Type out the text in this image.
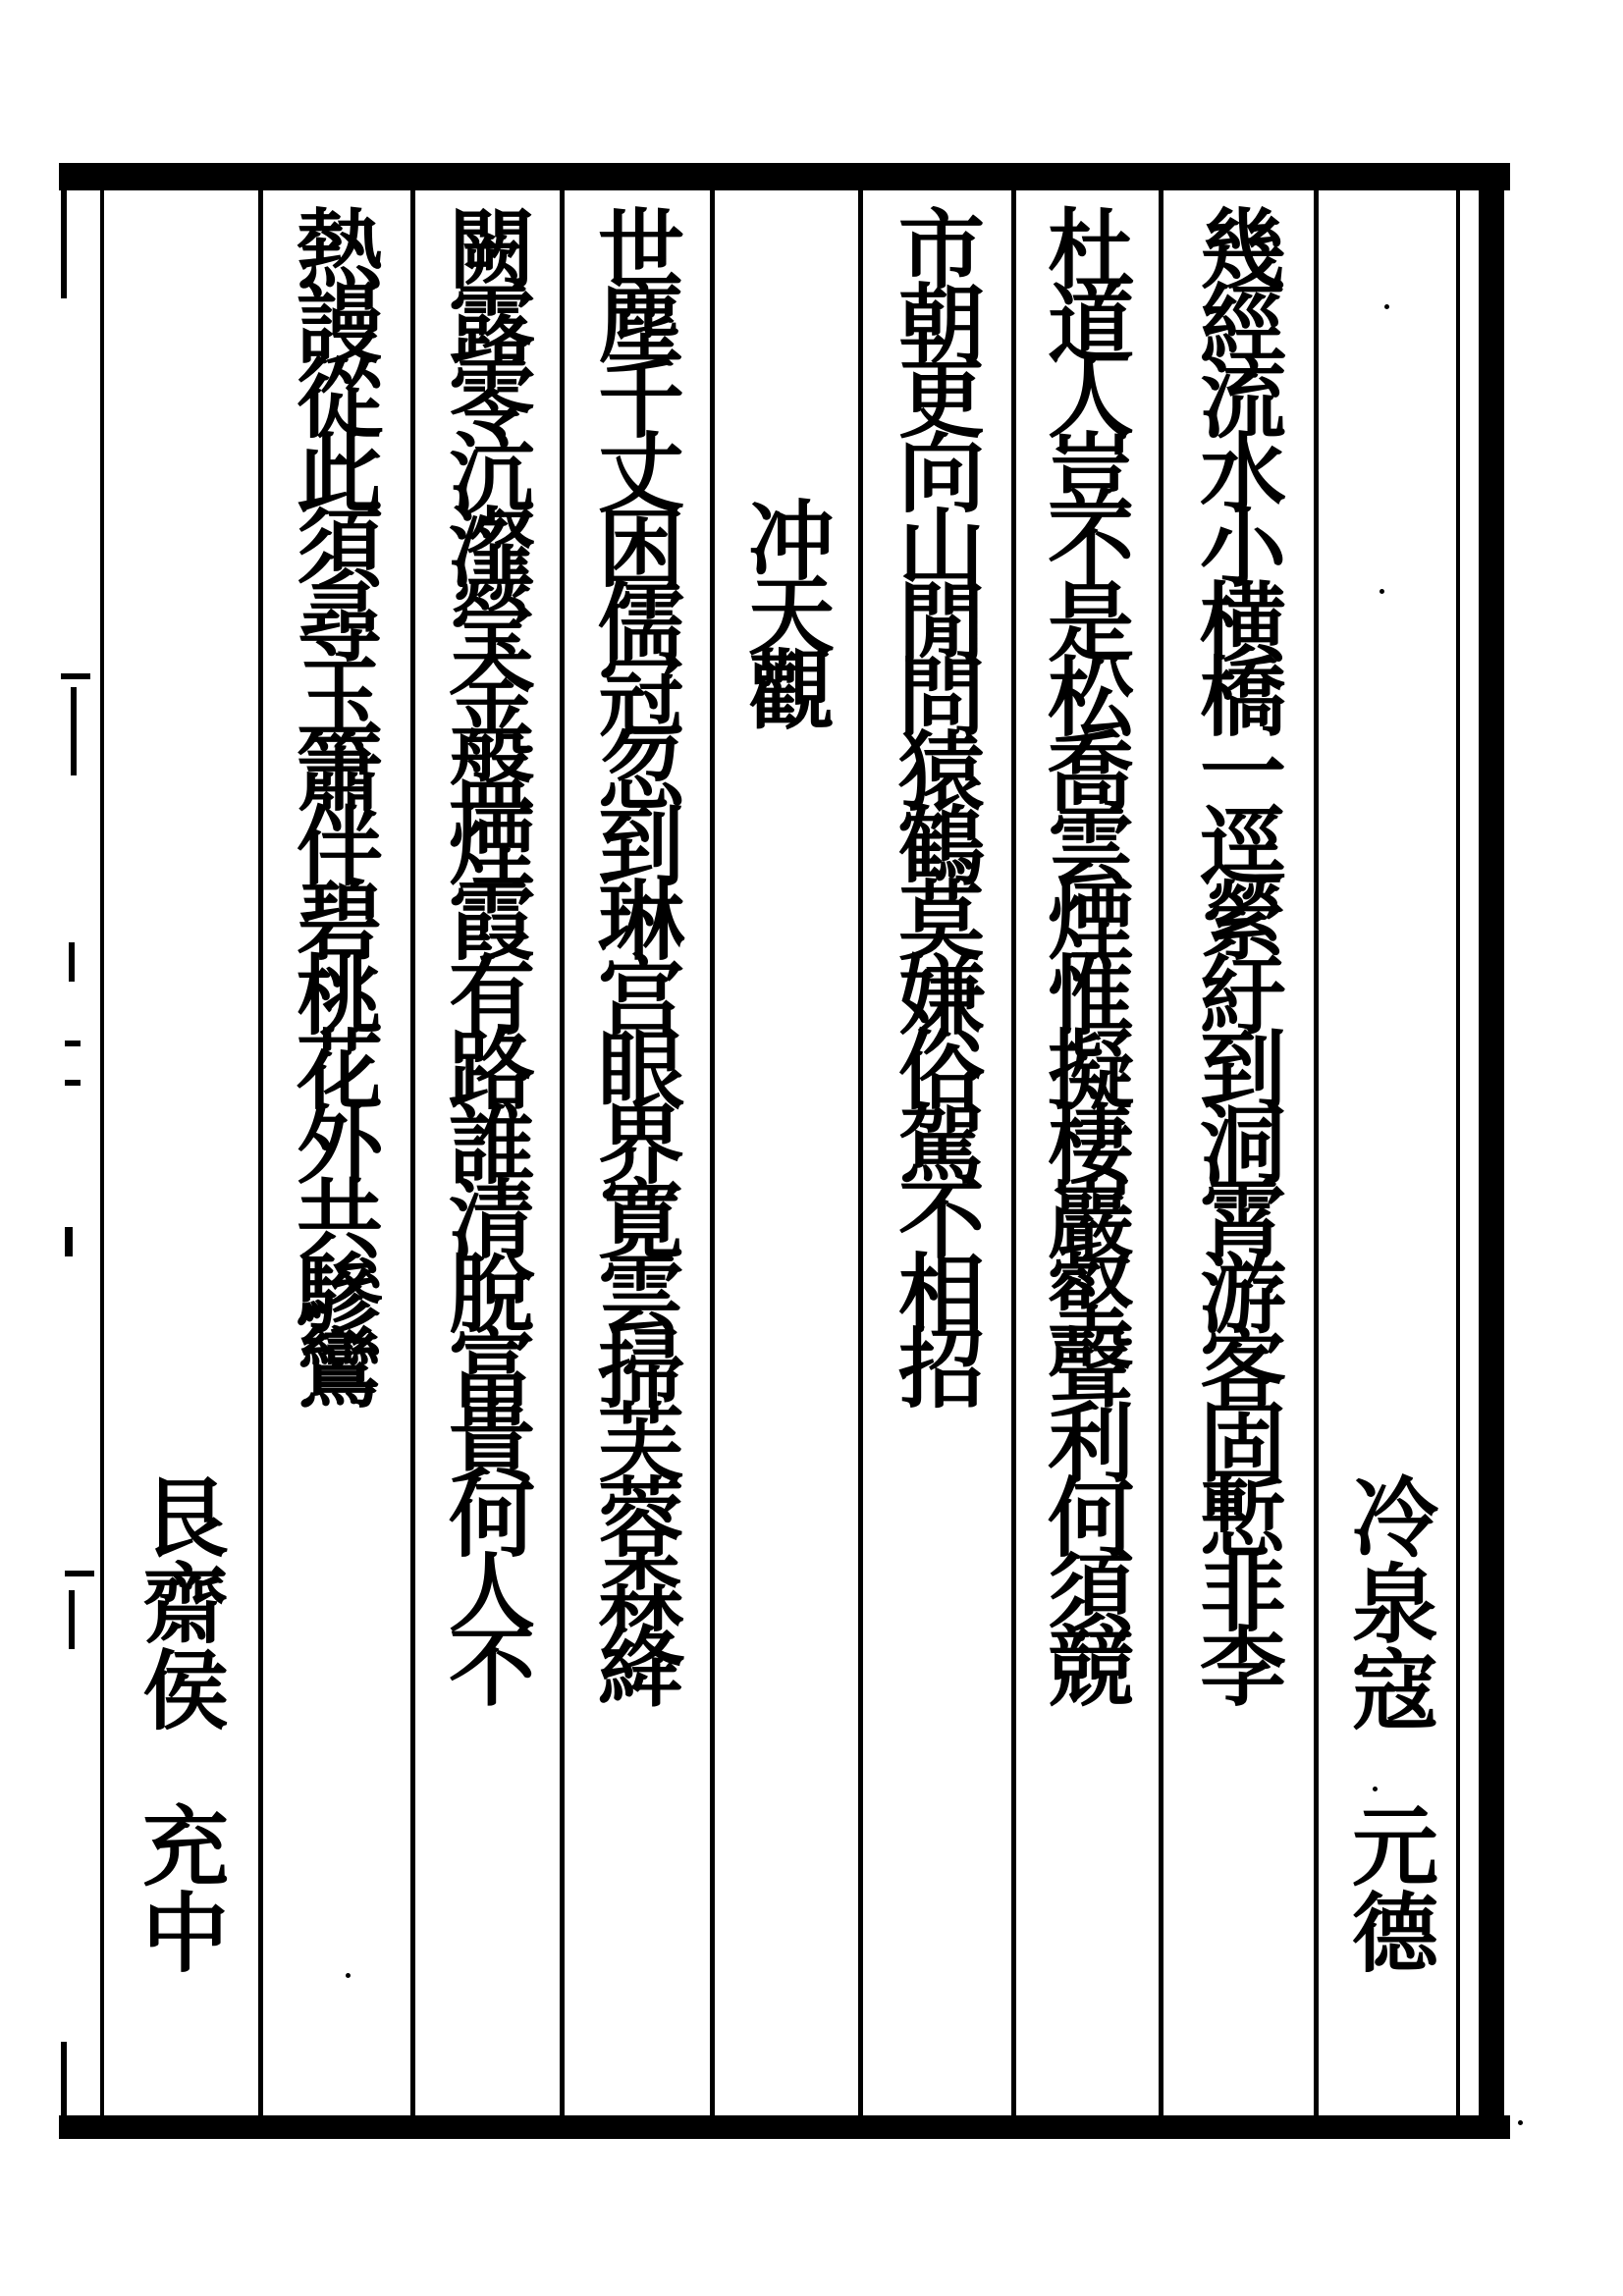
冷泉寇
元德
幾經流水小横橋一逕縈紆到洞霄游客固慙非李
杜道人豈不是松喬雲煙惟擬棲巖壑聲利何須競
市朝更向山閒問猿鶴莫嫌俗駕不相招
冲天觀
世塵千丈困儒冠忽到琳宫眼界寛雲掃芙蓉森絳
闕露零沆瀣瑩金盤煙霞有路誰清脫富貴何人不
熱謾從此須尋玉簫伴碧桃花外共驂鸞
艮齋侯
充中
